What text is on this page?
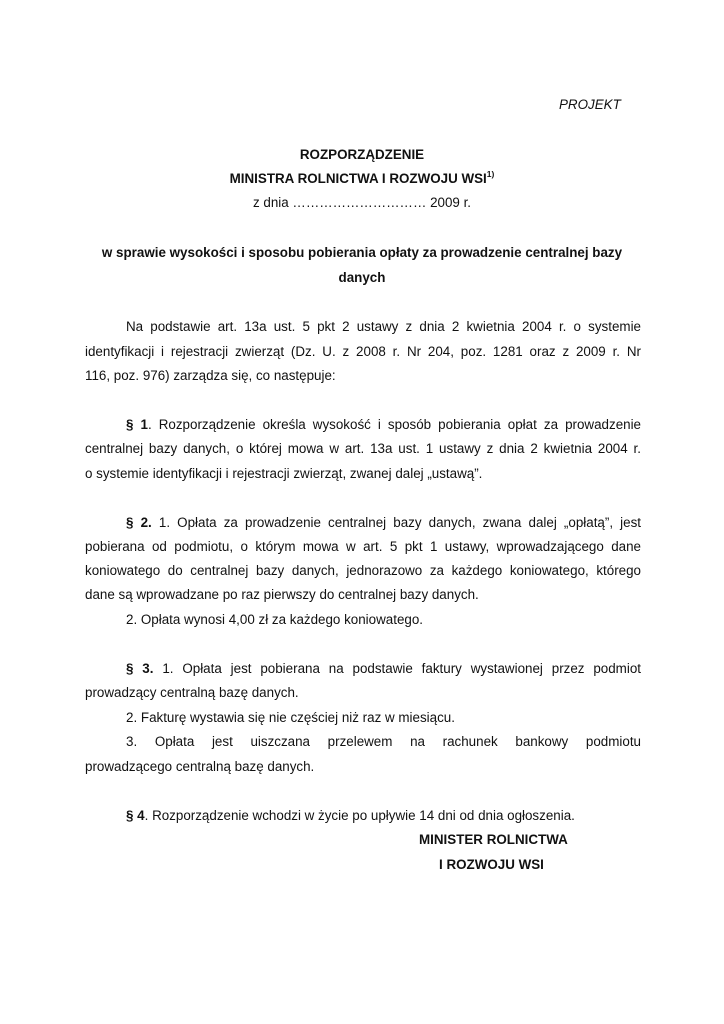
PROJEKT
ROZPORZĄDZENIE
MINISTRA ROLNICTWA I ROZWOJU WSI$^{1)}$
z dnia ………………………… 2009 r.
w sprawie wysokości i sposobu pobierania opłaty za prowadzenie centralnej bazy
danych
Na podstawie art. 13a ust. 5 pkt 2 ustawy z dnia 2 kwietnia 2004 r. o systemie
identyfikacji i rejestracji zwierząt (Dz. U. z 2008 r. Nr 204, poz. 1281 oraz z 2009 r. Nr
116, poz. 976) zarządza się, co następuje:
§ 1. Rozporządzenie określa wysokość i sposób pobierania opłat za prowadzenie
centralnej bazy danych, o której mowa w art. 13a ust. 1 ustawy z dnia 2 kwietnia 2004 r.
o systemie identyfikacji i rejestracji zwierząt, zwanej dalej „ustawą”.
§ 2. 1. Opłata za prowadzenie centralnej bazy danych, zwana dalej „opłatą”, jest
pobierana od podmiotu, o którym mowa w art. 5 pkt 1 ustawy, wprowadzającego dane
koniowatego do centralnej bazy danych, jednorazowo za każdego koniowatego, którego
dane są wprowadzane po raz pierwszy do centralnej bazy danych.
2. Opłata wynosi 4,00 zł za każdego koniowatego.
§ 3. 1. Opłata jest pobierana na podstawie faktury wystawionej przez podmiot
prowadzący centralną bazę danych.
2. Fakturę wystawia się nie częściej niż raz w miesiącu.
3. Opłata jest uiszczana przelewem na rachunek bankowy podmiotu
prowadzącego centralną bazę danych.
§ 4. Rozporządzenie wchodzi w życie po upływie 14 dni od dnia ogłoszenia.
MINISTER ROLNICTWA
I ROZWOJU WSI
